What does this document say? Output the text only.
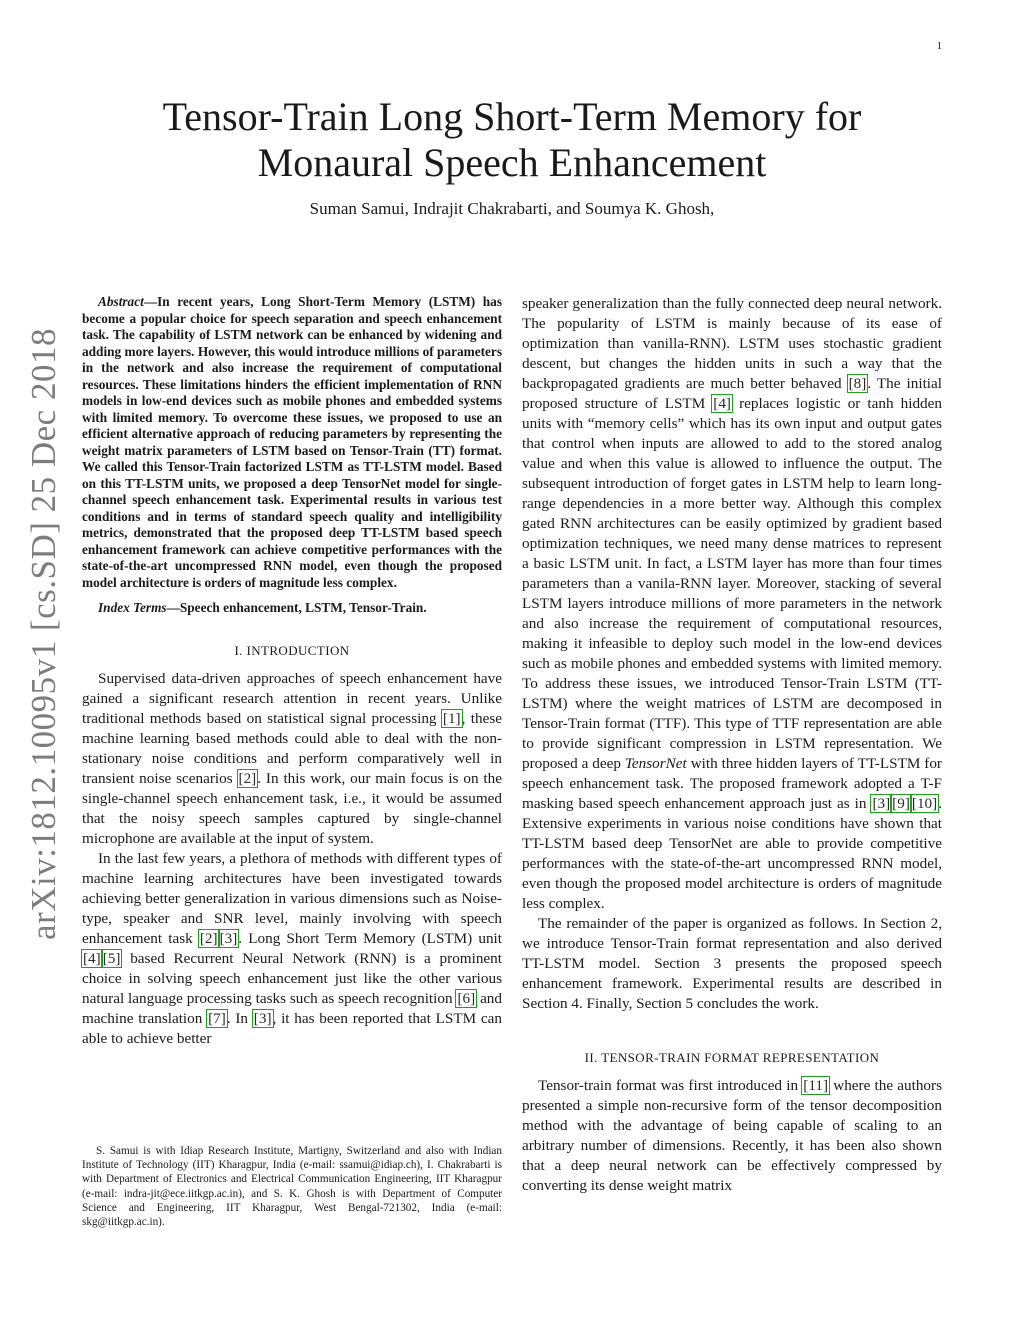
1
arXiv:1812.10095v1 [cs.SD] 25 Dec 2018
Tensor-Train Long Short-Term Memory for
Monaural Speech Enhancement

Suman Samui, Indrajit Chakrabarti, and Soumya K. Ghosh,

Abstract—In recent years, Long Short-Term Memory (LSTM) has become a popular choice for speech separation and speech enhancement task. The capability of LSTM network can be enhanced by widening and adding more layers. However, this would introduce millions of parameters in the network and also increase the requirement of computational resources. These limitations hinders the efficient implementation of RNN models in low-end devices such as mobile phones and embedded systems with limited memory. To overcome these issues, we proposed to use an efficient alternative approach of reducing parameters by representing the weight matrix parameters of LSTM based on Tensor-Train (TT) format. We called this Tensor-Train factorized LSTM as TT-LSTM model. Based on this TT-LSTM units, we proposed a deep TensorNet model for single-channel speech enhancement task. Experimental results in various test conditions and in terms of standard speech quality and intelligibility metrics, demonstrated that the proposed deep TT-LSTM based speech enhancement framework can achieve competitive performances with the state-of-the-art uncompressed RNN model, even though the proposed model architecture is orders of magnitude less complex.

Index Terms—Speech enhancement, LSTM, Tensor-Train.

I. INTRODUCTION

Supervised data-driven approaches of speech enhancement have gained a significant research attention in recent years. Unlike traditional methods based on statistical signal processing [1], these machine learning based methods could able to deal with the non-stationary noise conditions and perform comparatively well in transient noise scenarios [2]. In this work, our main focus is on the single-channel speech enhancement task, i.e., it would be assumed that the noisy speech samples captured by single-channel microphone are available at the input of system.

In the last few years, a plethora of methods with different types of machine learning architectures have been investigated towards achieving better generalization in various dimensions such as Noise-type, speaker and SNR level, mainly involving with speech enhancement task [2] [3]. Long Short Term Memory (LSTM) unit [4] [5] based Recurrent Neural Network (RNN) is a prominent choice in solving speech enhancement just like the other various natural language processing tasks such as speech recognition [6] and machine translation [7]. In [3], it has been reported that LSTM can able to achieve better

S. Samui is with Idiap Research Institute, Martigny, Switzerland and also with Indian Institute of Technology (IIT) Kharagpur, India (e-mail: ssamui@idiap.ch), I. Chakrabarti is with Department of Electronics and Electrical Communication Engineering, IIT Kharagpur (e-mail: indra-jit@ece.iitkgp.ac.in), and S. K. Ghosh is with Department of Computer Science and Engineering, IIT Kharagpur, West Bengal-721302, India (e-mail: skg@iitkgp.ac.in).

speaker generalization than the fully connected deep neural network. The popularity of LSTM is mainly because of its ease of optimization than vanilla-RNN). LSTM uses stochastic gradient descent, but changes the hidden units in such a way that the backpropagated gradients are much better behaved [8]. The initial proposed structure of LSTM [4] replaces logistic or tanh hidden units with “memory cells” which has its own input and output gates that control when inputs are allowed to add to the stored analog value and when this value is allowed to influence the output. The subsequent introduction of forget gates in LSTM help to learn long-range dependencies in a more better way. Although this complex gated RNN architectures can be easily optimized by gradient based optimization techniques, we need many dense matrices to represent a basic LSTM unit. In fact, a LSTM layer has more than four times parameters than a vanila-RNN layer. Moreover, stacking of several LSTM layers introduce millions of more parameters in the network and also increase the requirement of computational resources, making it infeasible to deploy such model in the low-end devices such as mobile phones and embedded systems with limited memory. To address these issues, we introduced Tensor-Train LSTM (TT-LSTM) where the weight matrices of LSTM are decomposed in Tensor-Train format (TTF). This type of TTF representation are able to provide significant compression in LSTM representation. We proposed a deep TensorNet with three hidden layers of TT-LSTM for speech enhancement task. The proposed framework adopted a T-F masking based speech enhancement approach just as in [3] [9] [10]. Extensive experiments in various noise conditions have shown that TT-LSTM based deep TensorNet are able to provide competitive performances with the state-of-the-art uncompressed RNN model, even though the proposed model architecture is orders of magnitude less complex.

The remainder of the paper is organized as follows. In Section 2, we introduce Tensor-Train format representation and also derived TT-LSTM model. Section 3 presents the proposed speech enhancement framework. Experimental results are described in Section 4. Finally, Section 5 concludes the work.

II. TENSOR-TRAIN FORMAT REPRESENTATION

Tensor-train format was first introduced in [11] where the authors presented a simple non-recursive form of the tensor decomposition method with the advantage of being capable of scaling to an arbitrary number of dimensions. Recently, it has been also shown that a deep neural network can be effectively compressed by converting its dense weight matrix
